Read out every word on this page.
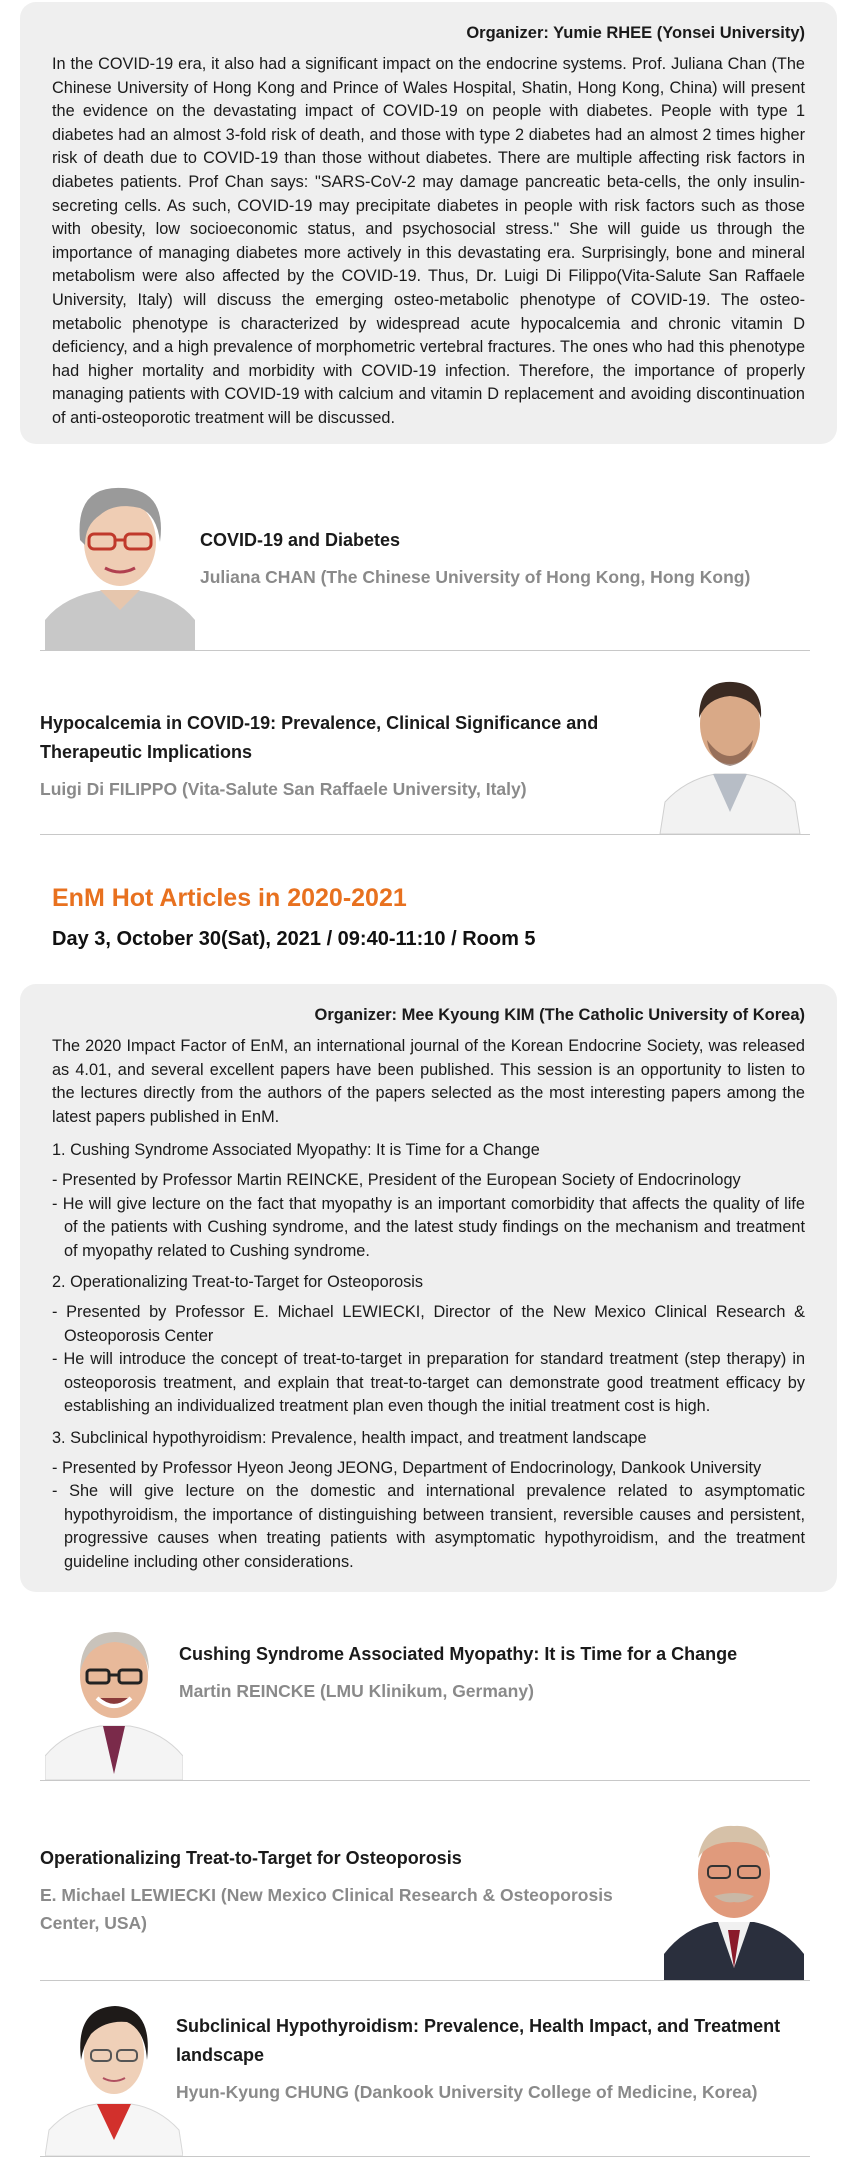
Organizer: Yumie RHEE (Yonsei University)

In the COVID-19 era, it also had a significant impact on the endocrine systems. Prof. Juliana Chan (The Chinese University of Hong Kong and Prince of Wales Hospital, Shatin, Hong Kong, China) will present the evidence on the devastating impact of COVID-19 on people with diabetes. People with type 1 diabetes had an almost 3-fold risk of death, and those with type 2 diabetes had an almost 2 times higher risk of death due to COVID-19 than those without diabetes. There are multiple affecting risk factors in diabetes patients. Prof Chan says: "SARS-CoV-2 may damage pancreatic beta-cells, the only insulin-secreting cells. As such, COVID-19 may precipitate diabetes in people with risk factors such as those with obesity, low socioeconomic status, and psychosocial stress." She will guide us through the importance of managing diabetes more actively in this devastating era. Surprisingly, bone and mineral metabolism were also affected by the COVID-19. Thus, Dr. Luigi Di Filippo(Vita-Salute San Raffaele University, Italy) will discuss the emerging osteo-metabolic phenotype of COVID-19. The osteo-metabolic phenotype is characterized by widespread acute hypocalcemia and chronic vitamin D deficiency, and a high prevalence of morphometric vertebral fractures. The ones who had this phenotype had higher mortality and morbidity with COVID-19 infection. Therefore, the importance of properly managing patients with COVID-19 with calcium and vitamin D replacement and avoiding discontinuation of anti-osteoporotic treatment will be discussed.

COVID-19 and Diabetes
Juliana CHAN (The Chinese University of Hong Kong, Hong Kong)
Hypocalcemia in COVID-19: Prevalence, Clinical Significance and Therapeutic Implications
Luigi Di FILIPPO (Vita-Salute San Raffaele University, Italy)
EnM Hot Articles in 2020-2021
Day 3, October 30(Sat), 2021 / 09:40-11:10 / Room 5
Organizer: Mee Kyoung KIM (The Catholic University of Korea)

The 2020 Impact Factor of EnM, an international journal of the Korean Endocrine Society, was released as 4.01, and several excellent papers have been published. This session is an opportunity to listen to the lectures directly from the authors of the papers selected as the most interesting papers among the latest papers published in EnM.

1. Cushing Syndrome Associated Myopathy: It is Time for a Change

- Presented by Professor Martin REINCKE, President of the European Society of Endocrinology

- He will give lecture on the fact that myopathy is an important comorbidity that affects the quality of life of the patients with Cushing syndrome, and the latest study findings on the mechanism and treatment of myopathy related to Cushing syndrome.

2. Operationalizing Treat-to-Target for Osteoporosis

- Presented by Professor E. Michael LEWIECKI, Director of the New Mexico Clinical Research & Osteoporosis Center

- He will introduce the concept of treat-to-target in preparation for standard treatment (step therapy) in osteoporosis treatment, and explain that treat-to-target can demonstrate good treatment efficacy by establishing an individualized treatment plan even though the initial treatment cost is high.

3. Subclinical hypothyroidism: Prevalence, health impact, and treatment landscape

- Presented by Professor Hyeon Jeong JEONG, Department of Endocrinology, Dankook University

- She will give lecture on the domestic and international prevalence related to asymptomatic hypothyroidism, the importance of distinguishing between transient, reversible causes and persistent, progressive causes when treating patients with asymptomatic hypothyroidism, and the treatment guideline including other considerations.

Cushing Syndrome Associated Myopathy: It is Time for a Change
Martin REINCKE (LMU Klinikum, Germany)
Operationalizing Treat-to-Target for Osteoporosis
E. Michael LEWIECKI (New Mexico Clinical Research & Osteoporosis Center, USA)
Subclinical Hypothyroidism: Prevalence, Health Impact, and Treatment landscape
Hyun-Kyung CHUNG (Dankook University College of Medicine, Korea)
